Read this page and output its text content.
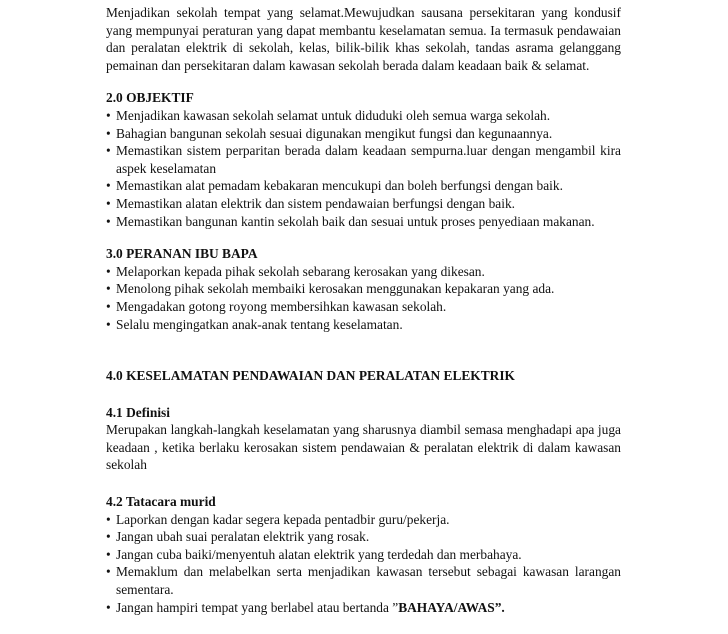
Menjadikan sekolah tempat yang selamat.Mewujudkan sausana persekitaran yang kondusif yang mempunyai peraturan yang dapat membantu keselamatan semua. Ia termasuk pendawaian dan peralatan elektrik di sekolah, kelas, bilik-bilik khas sekolah, tandas asrama gelanggang pemainan dan persekitaran dalam kawasan sekolah berada dalam keadaan baik & selamat.

2.0 OBJEKTIF
• Menjadikan kawasan sekolah selamat untuk diduduki oleh semua warga sekolah.
• Bahagian bangunan sekolah sesuai digunakan mengikut fungsi dan kegunaannya.
• Memastikan sistem perparitan berada dalam keadaan sempurna.luar dengan mengambil kira aspek keselamatan
• Memastikan alat pemadam kebakaran mencukupi dan boleh berfungsi dengan baik.
• Memastikan alatan elektrik dan sistem pendawaian berfungsi dengan baik.
• Memastikan bangunan kantin sekolah baik dan sesuai untuk proses penyediaan makanan.
3.0 PERANAN IBU BAPA
• Melaporkan kepada pihak sekolah sebarang kerosakan yang dikesan.
• Menolong pihak sekolah membaiki kerosakan menggunakan kepakaran yang ada.
• Mengadakan gotong royong membersihkan kawasan sekolah.
• Selalu mengingatkan anak-anak tentang keselamatan.
4.0 KESELAMATAN PENDAWAIAN DAN PERALATAN ELEKTRIK
4.1 Definisi

Merupakan langkah-langkah keselamatan yang sharusnya diambil semasa menghadapi apa juga keadaan , ketika berlaku kerosakan sistem pendawaian & peralatan elektrik di dalam kawasan sekolah

4.2 Tatacara murid
• Laporkan dengan kadar segera kepada pentadbir guru/pekerja.
• Jangan ubah suai peralatan elektrik yang rosak.
• Jangan cuba baiki/menyentuh alatan elektrik yang terdedah dan merbahaya.
• Memaklum dan melabelkan serta menjadikan kawasan tersebut sebagai kawasan larangan sementara.
• Jangan hampiri tempat yang berlabel atau bertanda ”BAHAYA/AWAS”.
